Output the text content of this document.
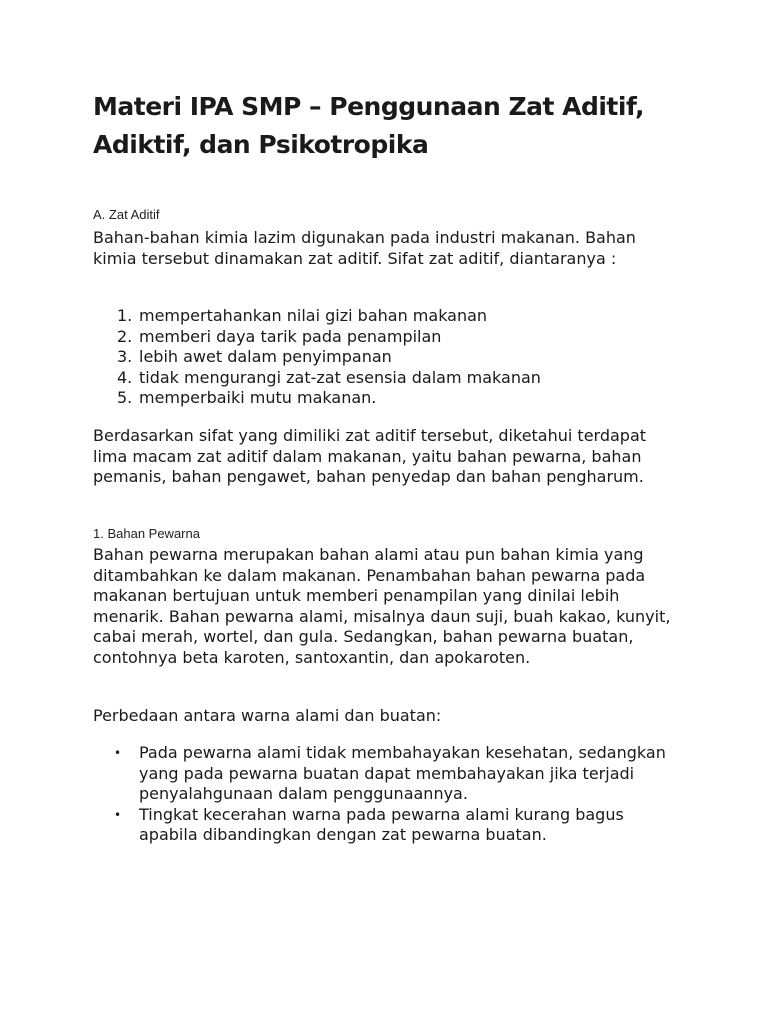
Materi IPA SMP – Penggunaan Zat Aditif, Adiktif, dan Psikotropika

A. Zat Aditif

Bahan-bahan kimia lazim digunakan pada industri makanan. Bahan kimia tersebut dinamakan zat aditif. Sifat zat aditif, diantaranya :

1. mempertahankan nilai gizi bahan makanan
2. memberi daya tarik pada penampilan
3. lebih awet dalam penyimpanan
4. tidak mengurangi zat-zat esensia dalam makanan
5. memperbaiki mutu makanan.

Berdasarkan sifat yang dimiliki zat aditif tersebut, diketahui terdapat lima macam zat aditif dalam makanan, yaitu bahan pewarna, bahan pemanis, bahan pengawet, bahan penyedap dan bahan pengharum.

1. Bahan Pewarna

Bahan pewarna merupakan bahan alami atau pun bahan kimia yang ditambahkan ke dalam makanan. Penambahan bahan pewarna pada makanan bertujuan untuk memberi penampilan yang dinilai lebih menarik. Bahan pewarna alami, misalnya daun suji, buah kakao, kunyit, cabai merah, wortel, dan gula. Sedangkan, bahan pewarna buatan, contohnya beta karoten, santoxantin, dan apokaroten.

Perbedaan antara warna alami dan buatan:

• Pada pewarna alami tidak membahayakan kesehatan, sedangkan yang pada pewarna buatan dapat membahayakan jika terjadi penyalahgunaan dalam penggunaannya.
• Tingkat kecerahan warna pada pewarna alami kurang bagus apabila dibandingkan dengan zat pewarna buatan.
